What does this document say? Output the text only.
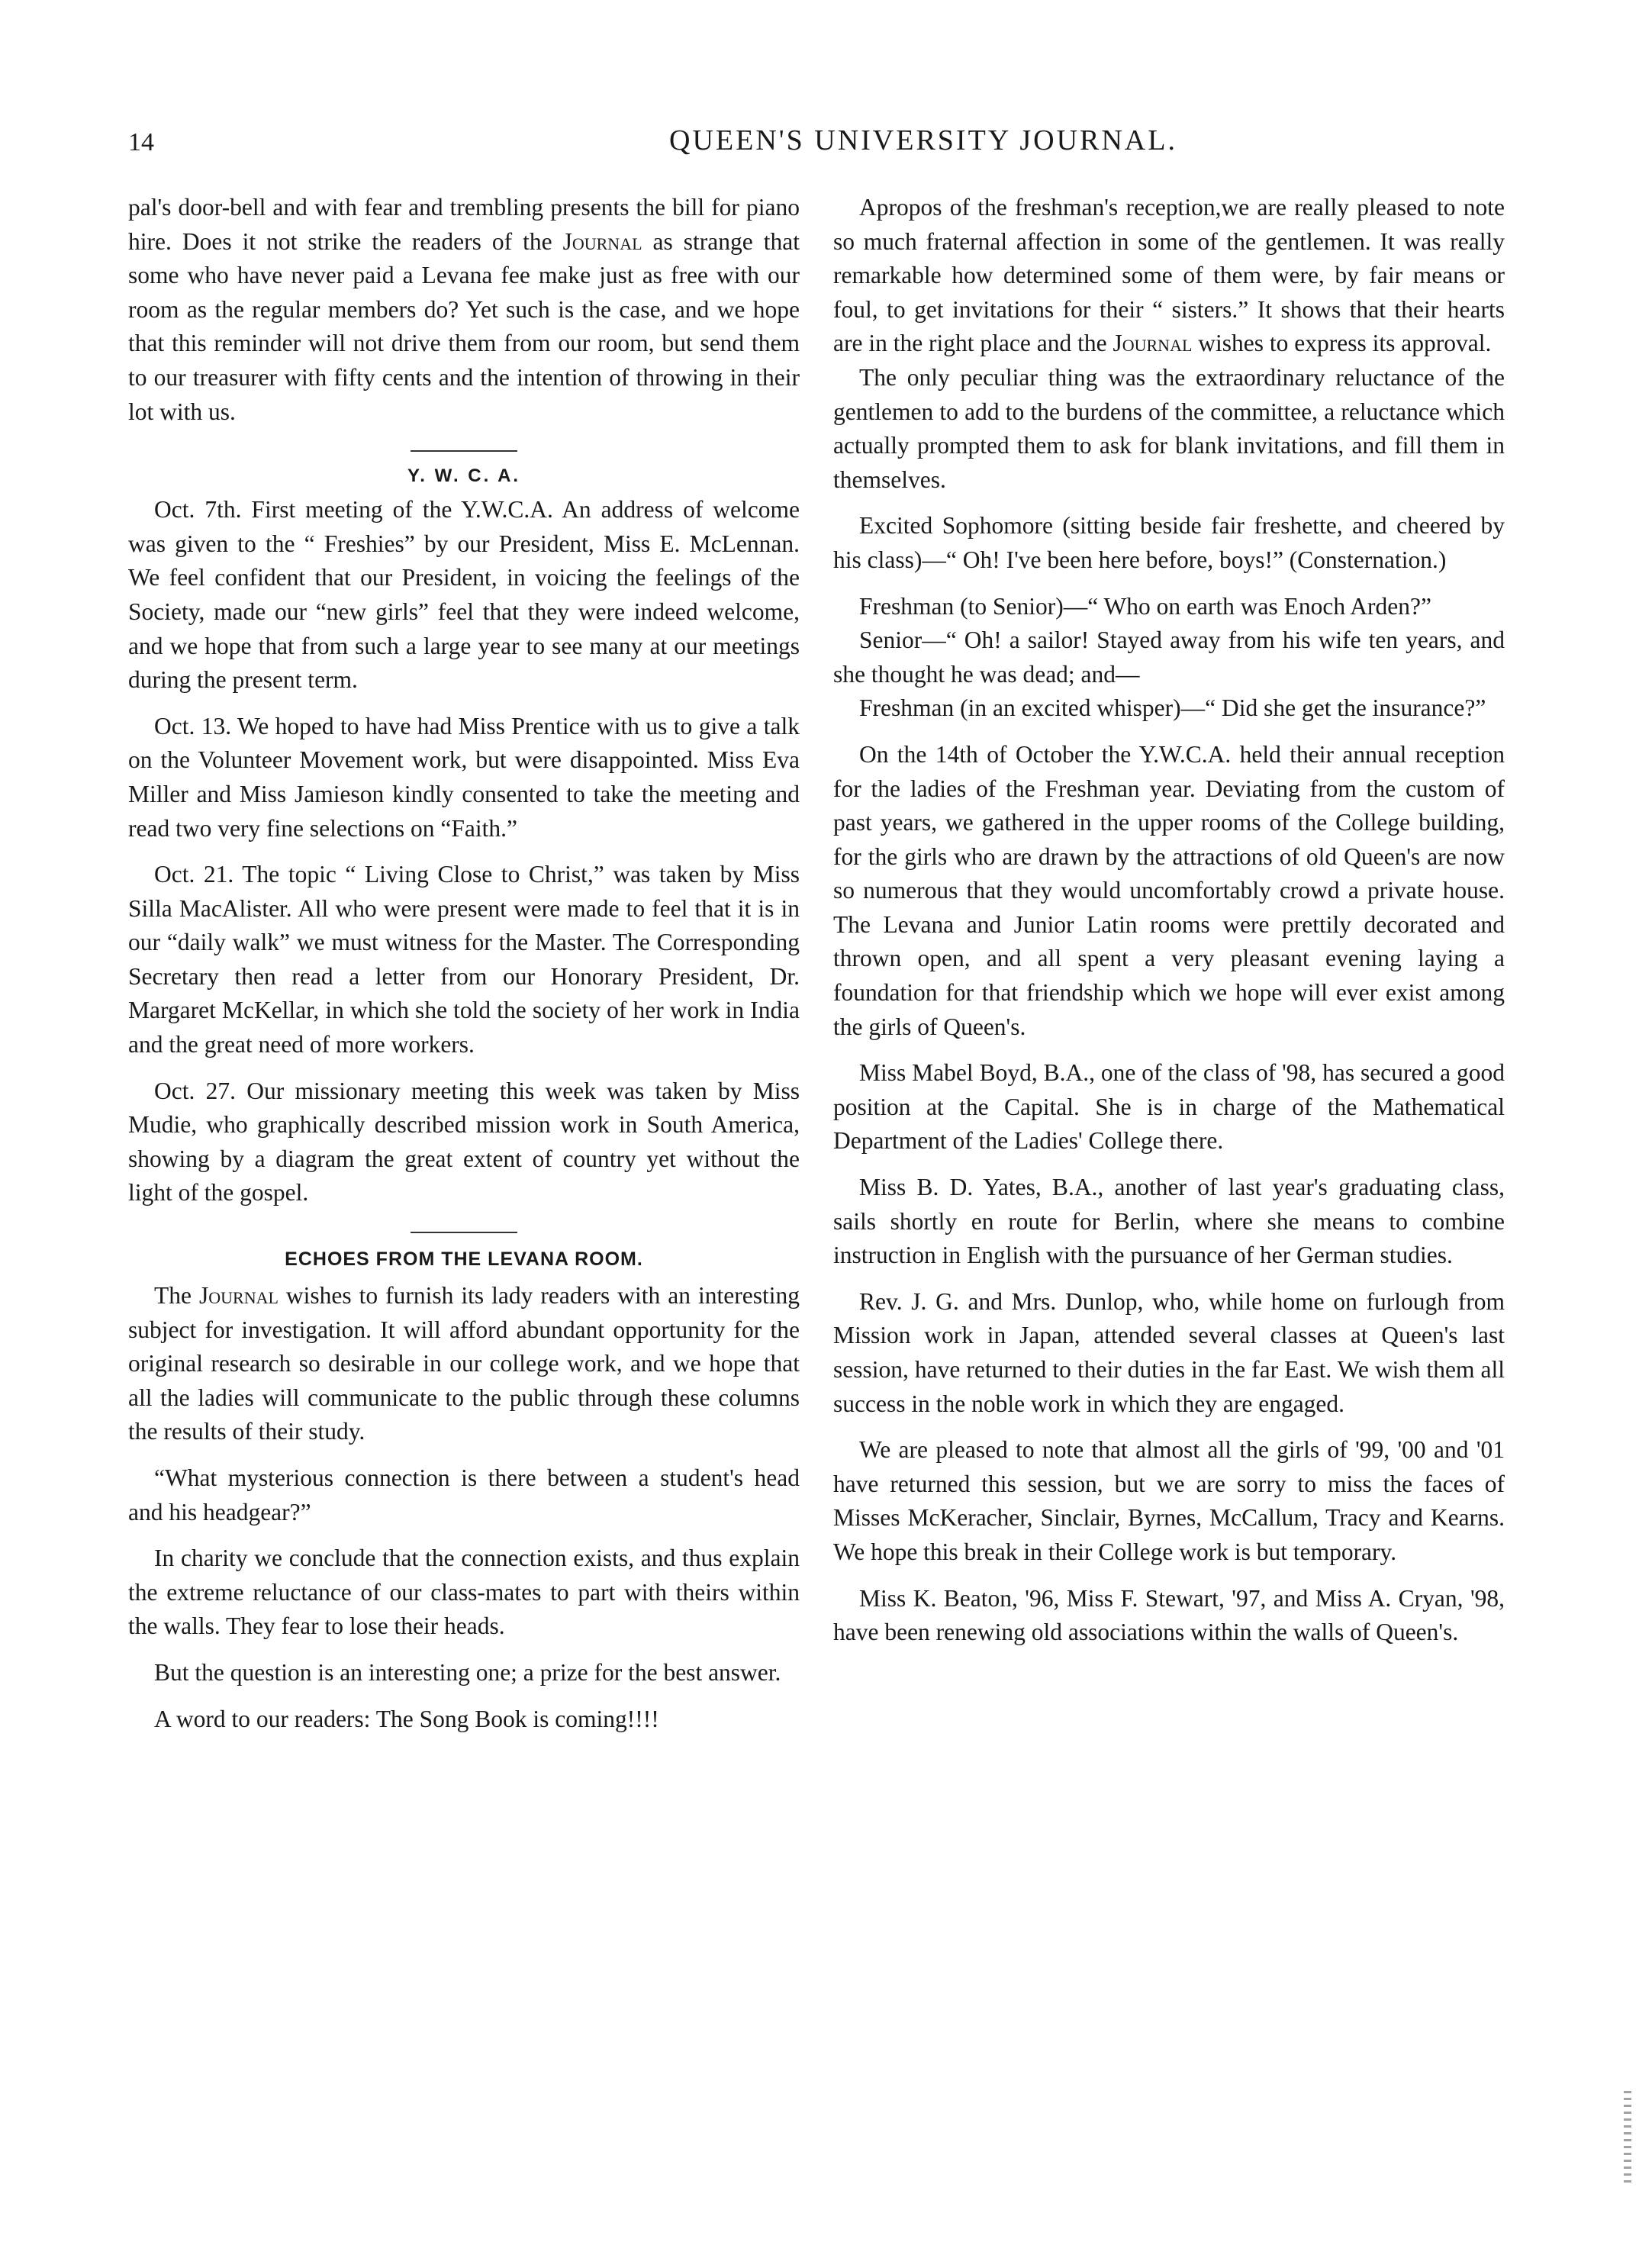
14	QUEEN'S UNIVERSITY JOURNAL.

pal's door-bell and with fear and trembling presents the bill for piano hire. Does it not strike the readers of the Journal as strange that some who have never paid a Levana fee make just as free with our room as the regular members do? Yet such is the case, and we hope that this reminder will not drive them from our room, but send them to our treasurer with fifty cents and the intention of throwing in their lot with us.

Y. W. C. A.

Oct. 7th. First meeting of the Y.W.C.A. An address of welcome was given to the “ Freshies” by our President, Miss E. McLennan. We feel confident that our President, in voicing the feelings of the Society, made our “new girls” feel that they were indeed welcome, and we hope that from such a large year to see many at our meetings during the present term.

Oct. 13. We hoped to have had Miss Prentice with us to give a talk on the Volunteer Movement work, but were disappointed. Miss Eva Miller and Miss Jamieson kindly consented to take the meeting and read two very fine selections on “Faith.”

Oct. 21. The topic “ Living Close to Christ,” was taken by Miss Silla MacAlister. All who were present were made to feel that it is in our “daily walk” we must witness for the Master. The Corresponding Secretary then read a letter from our Honorary President, Dr. Margaret McKellar, in which she told the society of her work in India and the great need of more workers.

Oct. 27. Our missionary meeting this week was taken by Miss Mudie, who graphically described mission work in South America, showing by a diagram the great extent of country yet without the light of the gospel.

ECHOES FROM THE LEVANA ROOM.

The Journal wishes to furnish its lady readers with an interesting subject for investigation. It will afford abundant opportunity for the original research so desirable in our college work, and we hope that all the ladies will communicate to the public through these columns the results of their study.

“What mysterious connection is there between a student's head and his headgear?”

In charity we conclude that the connection exists, and thus explain the extreme reluctance of our class-mates to part with theirs within the walls. They fear to lose their heads.

But the question is an interesting one; a prize for the best answer.

A word to our readers: The Song Book is coming!!!!

Apropos of the freshman's reception,we are really pleased to note so much fraternal affection in some of the gentlemen. It was really remarkable how determined some of them were, by fair means or foul, to get invitations for their “ sisters.” It shows that their hearts are in the right place and the Journal wishes to express its approval.

The only peculiar thing was the extraordinary reluctance of the gentlemen to add to the burdens of the committee, a reluctance which actually prompted them to ask for blank invitations, and fill them in themselves.

Excited Sophomore (sitting beside fair freshette, and cheered by his class)—“ Oh! I've been here before, boys!” (Consternation.)

Freshman (to Senior)—“ Who on earth was Enoch Arden?”

Senior—“ Oh! a sailor! Stayed away from his wife ten years, and she thought he was dead; and—

Freshman (in an excited whisper)—“ Did she get the insurance?”

On the 14th of October the Y.W.C.A. held their annual reception for the ladies of the Freshman year. Deviating from the custom of past years, we gathered in the upper rooms of the College building, for the girls who are drawn by the attractions of old Queen's are now so numerous that they would uncomfortably crowd a private house. The Levana and Junior Latin rooms were prettily decorated and thrown open, and all spent a very pleasant evening laying a foundation for that friendship which we hope will ever exist among the girls of Queen's.

Miss Mabel Boyd, B.A., one of the class of '98, has secured a good position at the Capital. She is in charge of the Mathematical Department of the Ladies' College there.

Miss B. D. Yates, B.A., another of last year's graduating class, sails shortly en route for Berlin, where she means to combine instruction in English with the pursuance of her German studies.

Rev. J. G. and Mrs. Dunlop, who, while home on furlough from Mission work in Japan, attended several classes at Queen's last session, have returned to their duties in the far East. We wish them all success in the noble work in which they are engaged.

We are pleased to note that almost all the girls of '99, '00 and '01 have returned this session, but we are sorry to miss the faces of Misses McKeracher, Sinclair, Byrnes, McCallum, Tracy and Kearns. We hope this break in their College work is but temporary.

Miss K. Beaton, '96, Miss F. Stewart, '97, and Miss A. Cryan, '98, have been renewing old associations within the walls of Queen's.
